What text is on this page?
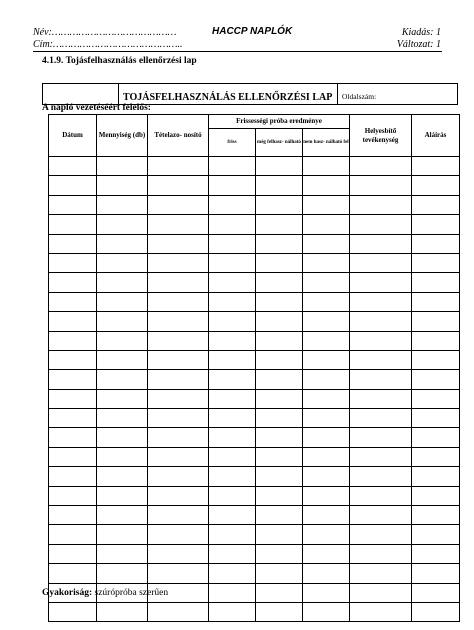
Név:……………………………………	HACCP NAPLÓK	Kiadás: 1
Cím:……………………………………..	Változat: 1
4.1.9. Tojásfelhasználás ellenőrzési lap
TOJÁSFELHASZNÁLÁS ELLENŐRZÉSI LAP Oldalszám:
A napló vezetéséért felelős:
Dátum	Mennyiség (db)	Tételazo- nosító	Frissességi próba eredménye			Helyesbítő tevékenység	Aláírás
			friss	még felhasz- nálható	nem hasz- nálható fel		

Gyakoriság: szúrópróba szerűen
